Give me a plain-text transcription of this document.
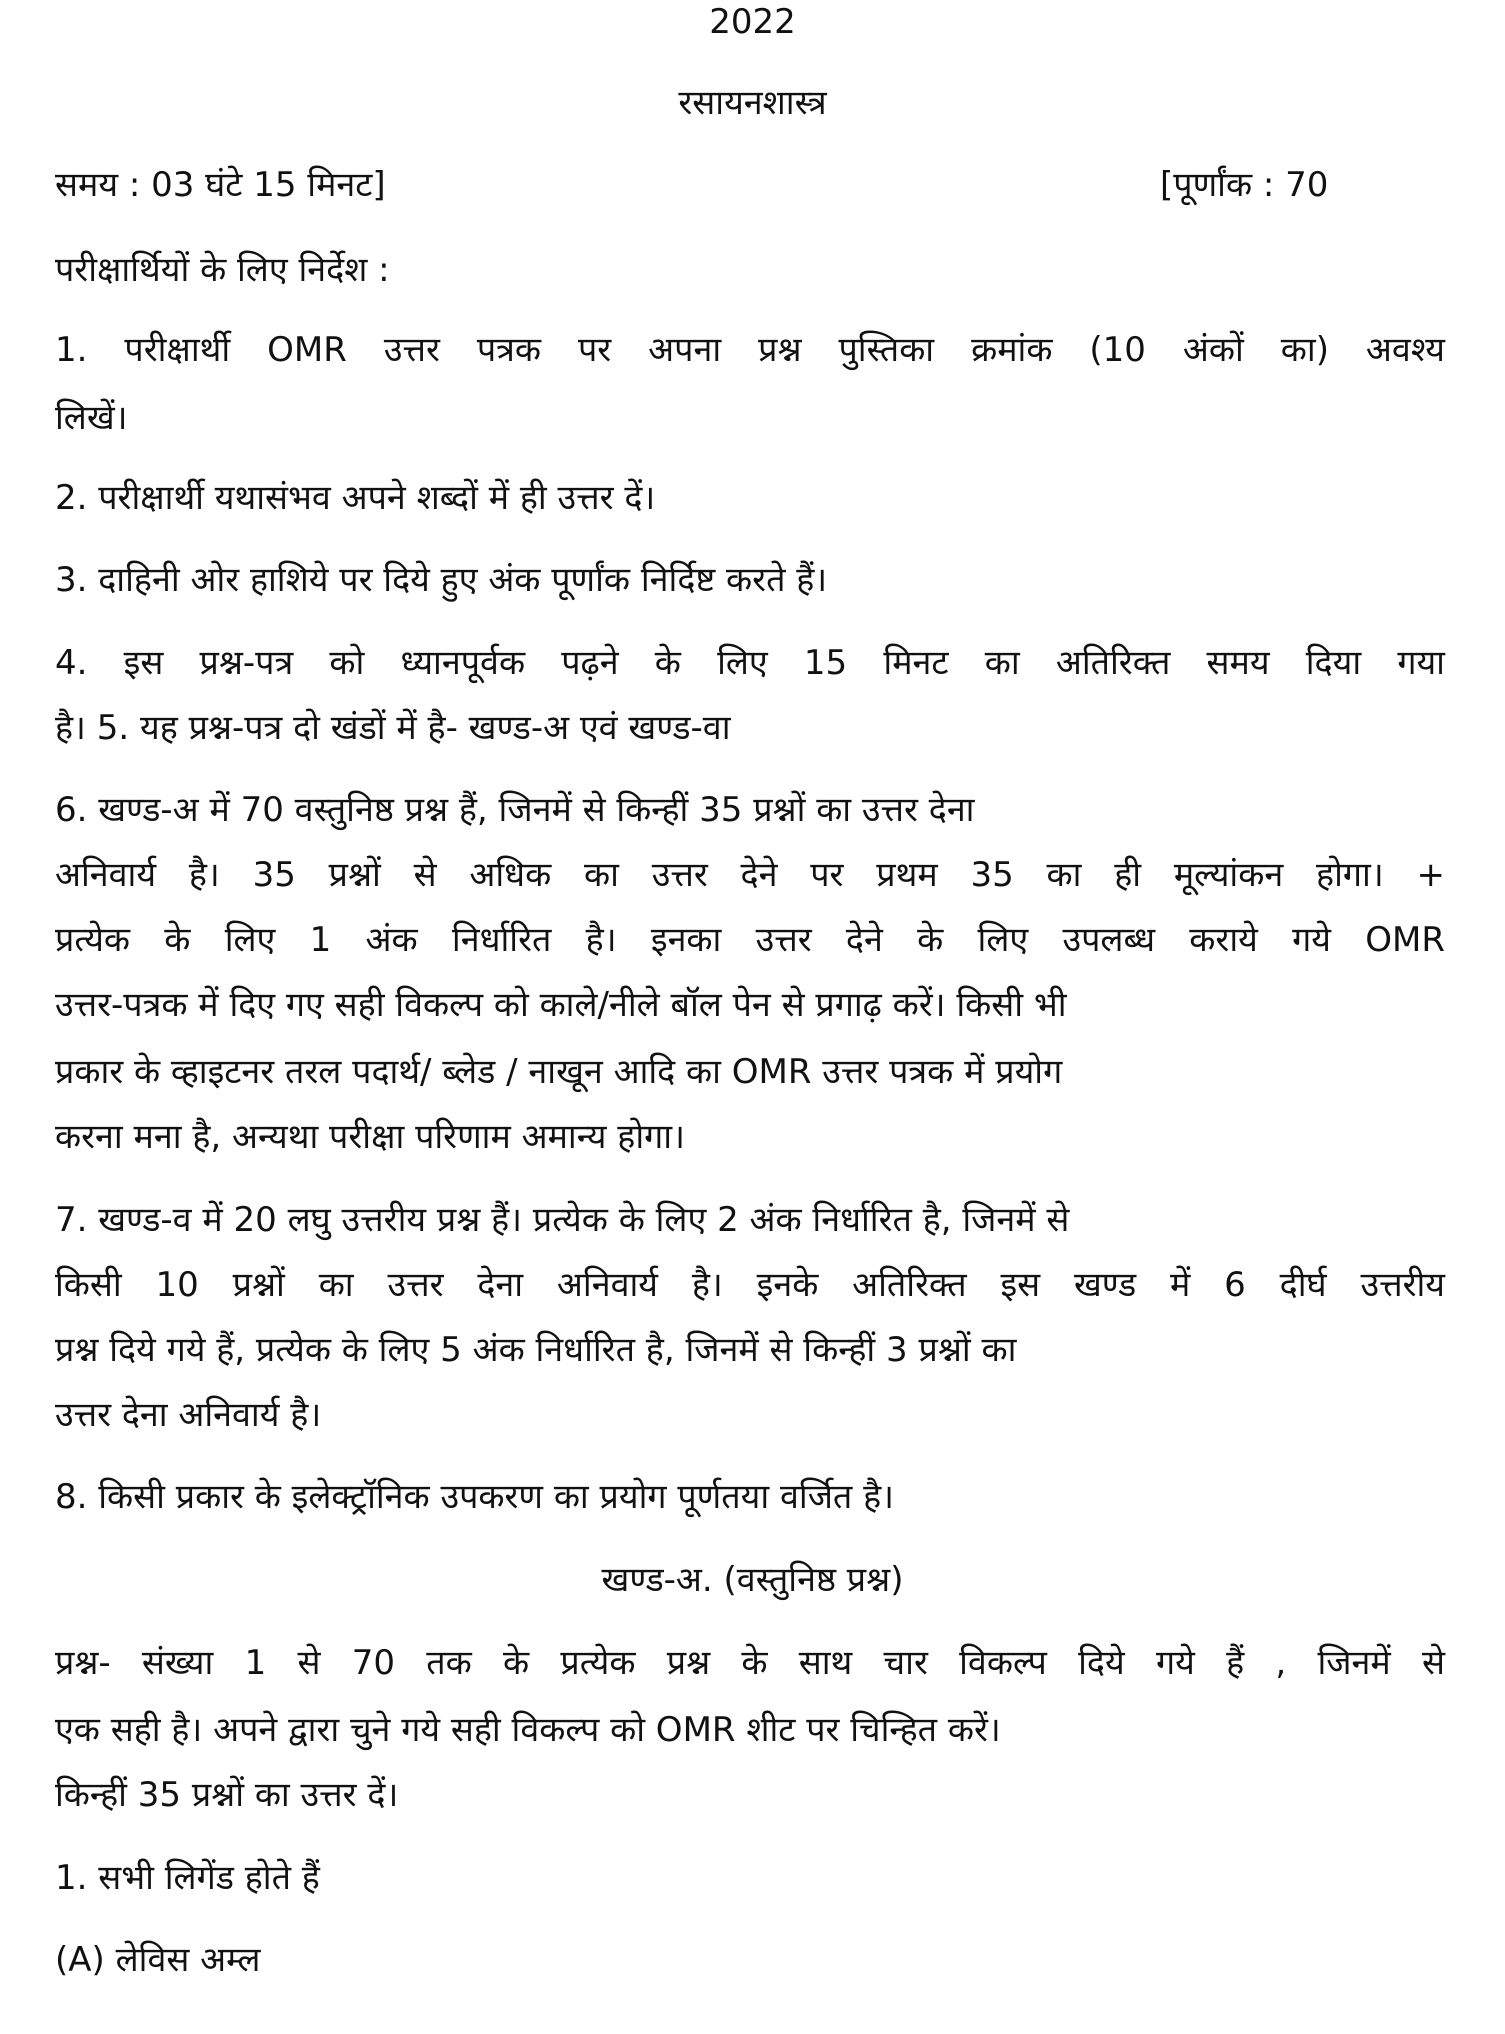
2022
रसायनशास्त्र
समय : 03 घंटे 15 मिनट]	[पूर्णांक : 70
परीक्षार्थियों के लिए निर्देश :
1. परीक्षार्थी OMR उत्तर पत्रक पर अपना प्रश्न पुस्तिका क्रमांक (10 अंकों का) अवश्य
लिखें।
2. परीक्षार्थी यथासंभव अपने शब्दों में ही उत्तर दें।
3. दाहिनी ओर हाशिये पर दिये हुए अंक पूर्णांक निर्दिष्ट करते हैं।
4. इस प्रश्न-पत्र को ध्यानपूर्वक पढ़ने के लिए 15 मिनट का अतिरिक्त समय दिया गया
है। 5. यह प्रश्न-पत्र दो खंडों में है- खण्ड-अ एवं खण्ड-वा
6. खण्ड-अ में 70 वस्तुनिष्ठ प्रश्न हैं, जिनमें से किन्हीं 35 प्रश्नों का उत्तर देना
अनिवार्य है। 35 प्रश्नों से अधिक का उत्तर देने पर प्रथम 35 का ही मूल्यांकन होगा। +
प्रत्येक के लिए 1 अंक निर्धारित है। इनका उत्तर देने के लिए उपलब्ध कराये गये OMR
उत्तर-पत्रक में दिए गए सही विकल्प को काले/नीले बॉल पेन से प्रगाढ़ करें। किसी भी
प्रकार के व्हाइटनर तरल पदार्थ/ ब्लेड / नाखून आदि का OMR उत्तर पत्रक में प्रयोग
करना मना है, अन्यथा परीक्षा परिणाम अमान्य होगा।
7. खण्ड-व में 20 लघु उत्तरीय प्रश्न हैं। प्रत्येक के लिए 2 अंक निर्धारित है, जिनमें से
किसी 10 प्रश्नों का उत्तर देना अनिवार्य है। इनके अतिरिक्त इस खण्ड में 6 दीर्घ उत्तरीय
प्रश्न दिये गये हैं, प्रत्येक के लिए 5 अंक निर्धारित है, जिनमें से किन्हीं 3 प्रश्नों का
उत्तर देना अनिवार्य है।
8. किसी प्रकार के इलेक्ट्रॉनिक उपकरण का प्रयोग पूर्णतया वर्जित है।
खण्ड-अ. (वस्तुनिष्ठ प्रश्न)
प्रश्न- संख्या 1 से 70 तक के प्रत्येक प्रश्न के साथ चार विकल्प दिये गये हैं , जिनमें से
एक सही है। अपने द्वारा चुने गये सही विकल्प को OMR शीट पर चिन्हित करें।
किन्हीं 35 प्रश्नों का उत्तर दें।
1. सभी लिगेंड होते हैं
(A) लेविस अम्ल
